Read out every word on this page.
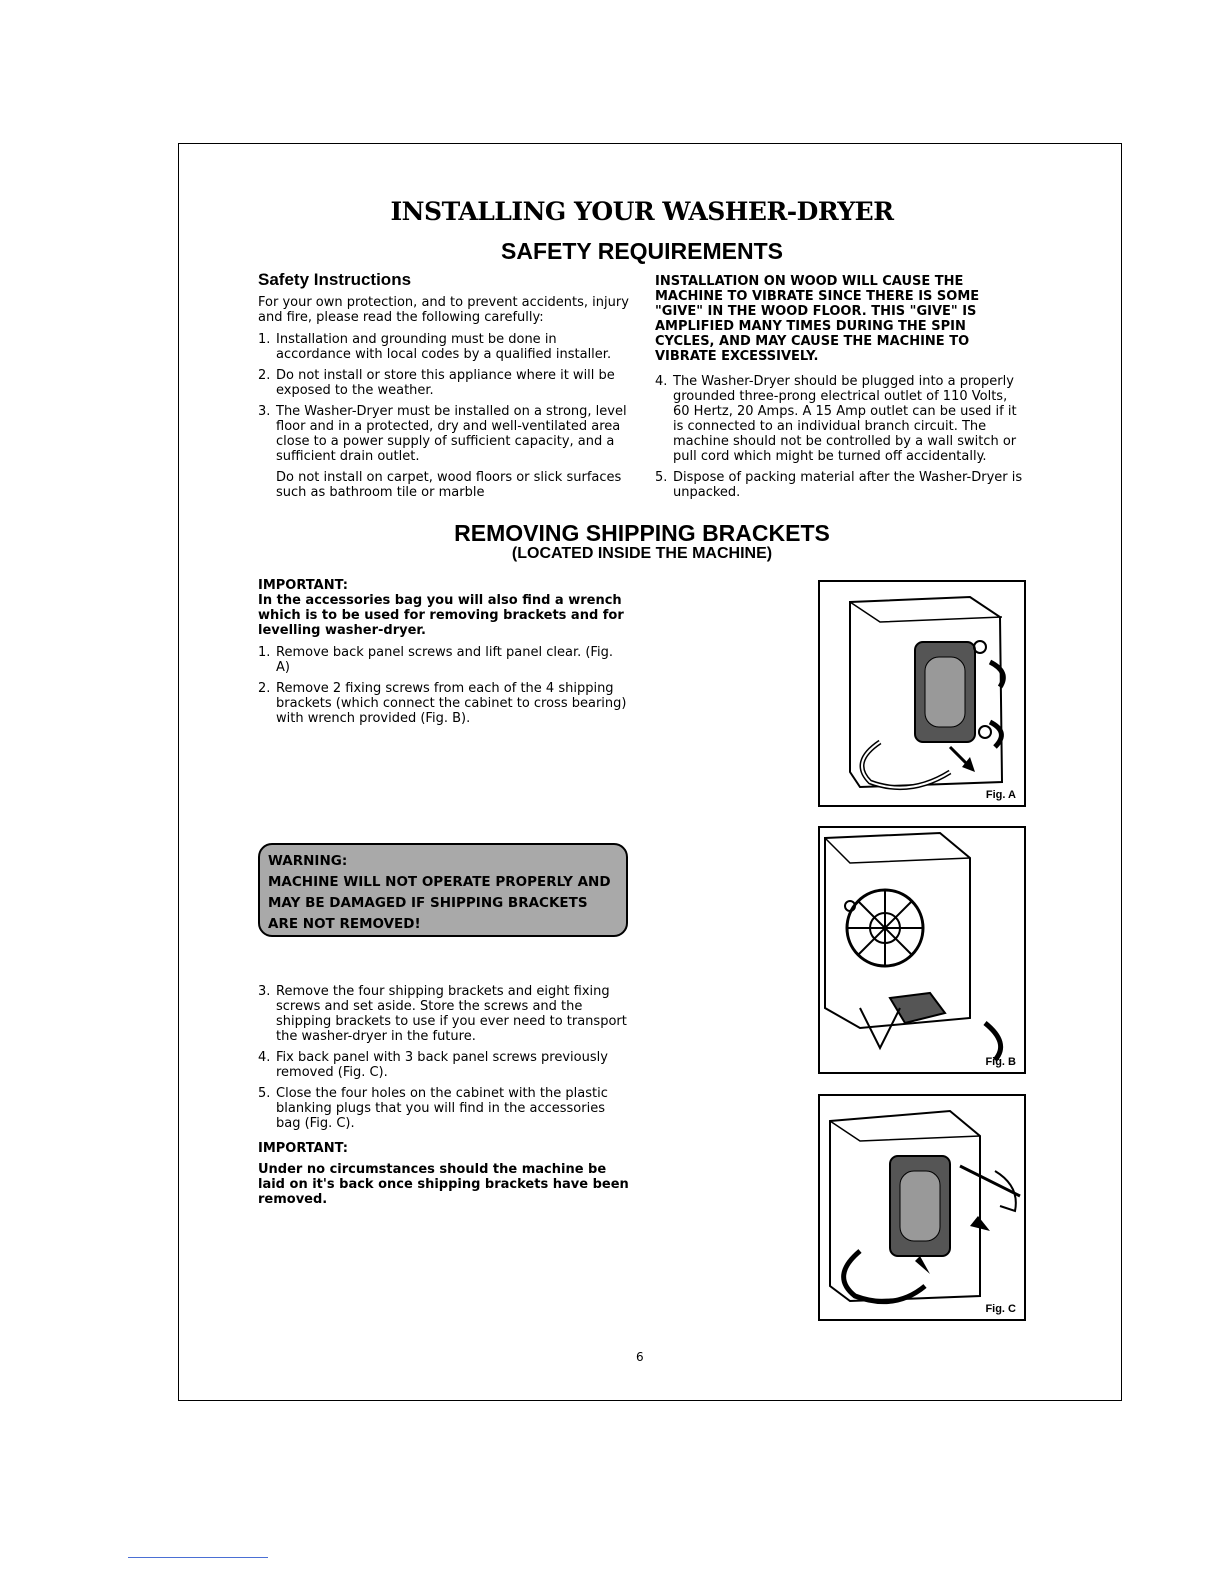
INSTALLING YOUR WASHER-DRYER
SAFETY REQUIREMENTS
Safety Instructions

For your own protection, and to prevent accidents, injury and fire, please read the following carefully:

1. Installation and grounding must be done in accordance with local codes by a qualified installer.
2. Do not install or store this appliance where it will be exposed to the weather.
3. The Washer-Dryer must be installed on a strong, level floor and in a protected, dry and well-ventilated area close to a power supply of sufficient capacity, and a sufficient drain outlet.
Do not install on carpet, wood floors or slick surfaces such as bathroom tile or marble
INSTALLATION ON WOOD WILL CAUSE THE MACHINE TO VIBRATE SINCE THERE IS SOME "GIVE" IN THE WOOD FLOOR. THIS "GIVE" IS AMPLIFIED MANY TIMES DURING THE SPIN CYCLES, AND MAY CAUSE THE MACHINE TO VIBRATE EXCESSIVELY.
4. The Washer-Dryer should be plugged into a properly grounded three-prong electrical outlet of 110 Volts, 60 Hertz, 20 Amps. A 15 Amp outlet can be used if it is connected to an individual branch circuit. The machine should not be controlled by a wall switch or pull cord which might be turned off accidentally.
5. Dispose of packing material after the Washer-Dryer is unpacked.
REMOVING SHIPPING BRACKETS
(LOCATED INSIDE THE MACHINE)
IMPORTANT:

In the accessories bag you will also find a wrench which is to be used for removing brackets and for levelling washer-dryer.

1. Remove back panel screws and lift panel clear. (Fig. A)
2. Remove 2 fixing screws from each of the 4 shipping brackets (which connect the cabinet to cross bearing) with wrench provided (Fig. B).
WARNING:
MACHINE WILL NOT OPERATE PROPERLY AND MAY BE DAMAGED IF SHIPPING BRACKETS ARE NOT REMOVED!
3. Remove the four shipping brackets and eight fixing screws and set aside. Store the screws and the shipping brackets to use if you ever need to transport the washer-dryer in the future.
4. Fix back panel with 3 back panel screws previously removed (Fig. C).
5. Close the four holes on the cabinet with the plastic blanking plugs that you will find in the accessories bag (Fig. C).
IMPORTANT:

Under no circumstances should the machine be laid on it's back once shipping brackets have been removed.

Fig. A
Fig. B
Fig. C
6
